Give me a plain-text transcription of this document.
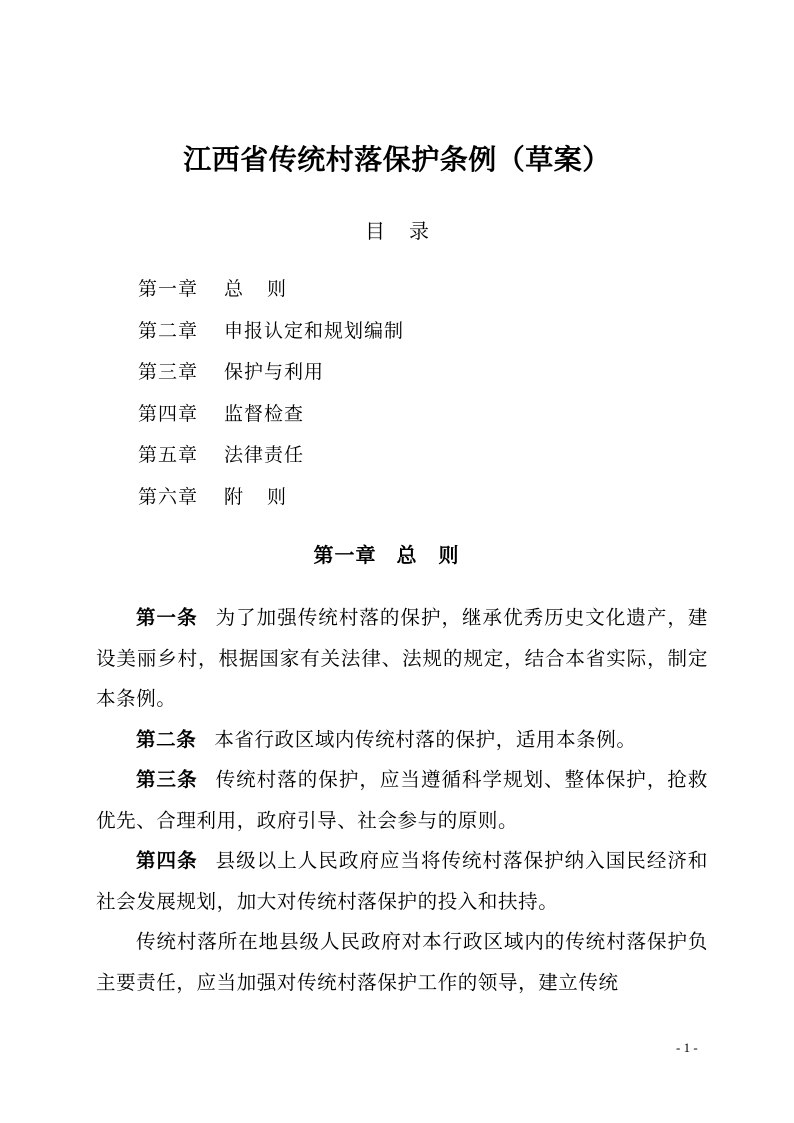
江西省传统村落保护条例（草案）
目录
第一章 总则
第二章 申报认定和规划编制
第三章 保护与利用
第四章 监督检查
第五章 法律责任
第六章 附则
第一章 总则

第一条 为了加强传统村落的保护，继承优秀历史文化遗产，建设美丽乡村，根据国家有关法律、法规的规定，结合本省实际，制定本条例。

第二条 本省行政区域内传统村落的保护，适用本条例。

第三条 传统村落的保护，应当遵循科学规划、整体保护，抢救优先、合理利用，政府引导、社会参与的原则。

第四条 县级以上人民政府应当将传统村落保护纳入国民经济和社会发展规划，加大对传统村落保护的投入和扶持。

传统村落所在地县级人民政府对本行政区域内的传统村落保护负主要责任，应当加强对传统村落保护工作的领导，建立传统

- 1 -
